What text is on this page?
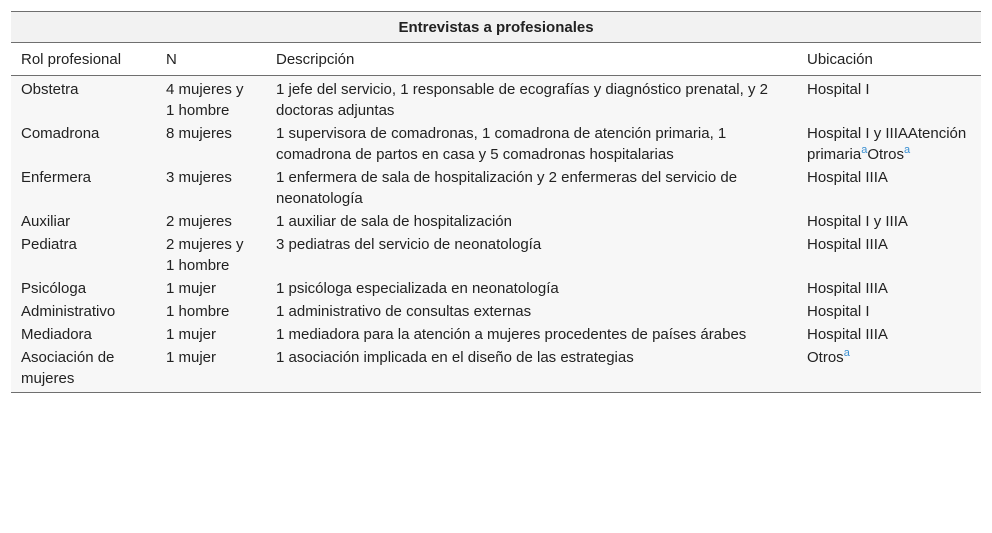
Entrevistas a profesionales			
Rol profesional	N	Descripción	Ubicación
Obstetra	4 mujeres y 1 hombre	1 jefe del servicio, 1 responsable de ecografías y diagnóstico prenatal, y 2 doctoras adjuntas	Hospital I
Comadrona	8 mujeres	1 supervisora de comadronas, 1 comadrona de atención primaria, 1 comadrona de partos en casa y 5 comadronas hospitalarias	Hospital I y IIIAAtención primaria$^a$Otros$^a$
Enfermera	3 mujeres	1 enfermera de sala de hospitalización y 2 enfermeras del servicio de neonatología	Hospital IIIA
Auxiliar	2 mujeres	1 auxiliar de sala de hospitalización	Hospital I y IIIA
Pediatra	2 mujeres y 1 hombre	3 pediatras del servicio de neonatología	Hospital IIIA
Psicóloga	1 mujer	1 psicóloga especializada en neonatología	Hospital IIIA
Administrativo	1 hombre	1 administrativo de consultas externas	Hospital I
Mediadora	1 mujer	1 mediadora para la atención a mujeres procedentes de países árabes	Hospital IIIA
Asociación de mujeres	1 mujer	1 asociación implicada en el diseño de las estrategias	Otros$^a$
